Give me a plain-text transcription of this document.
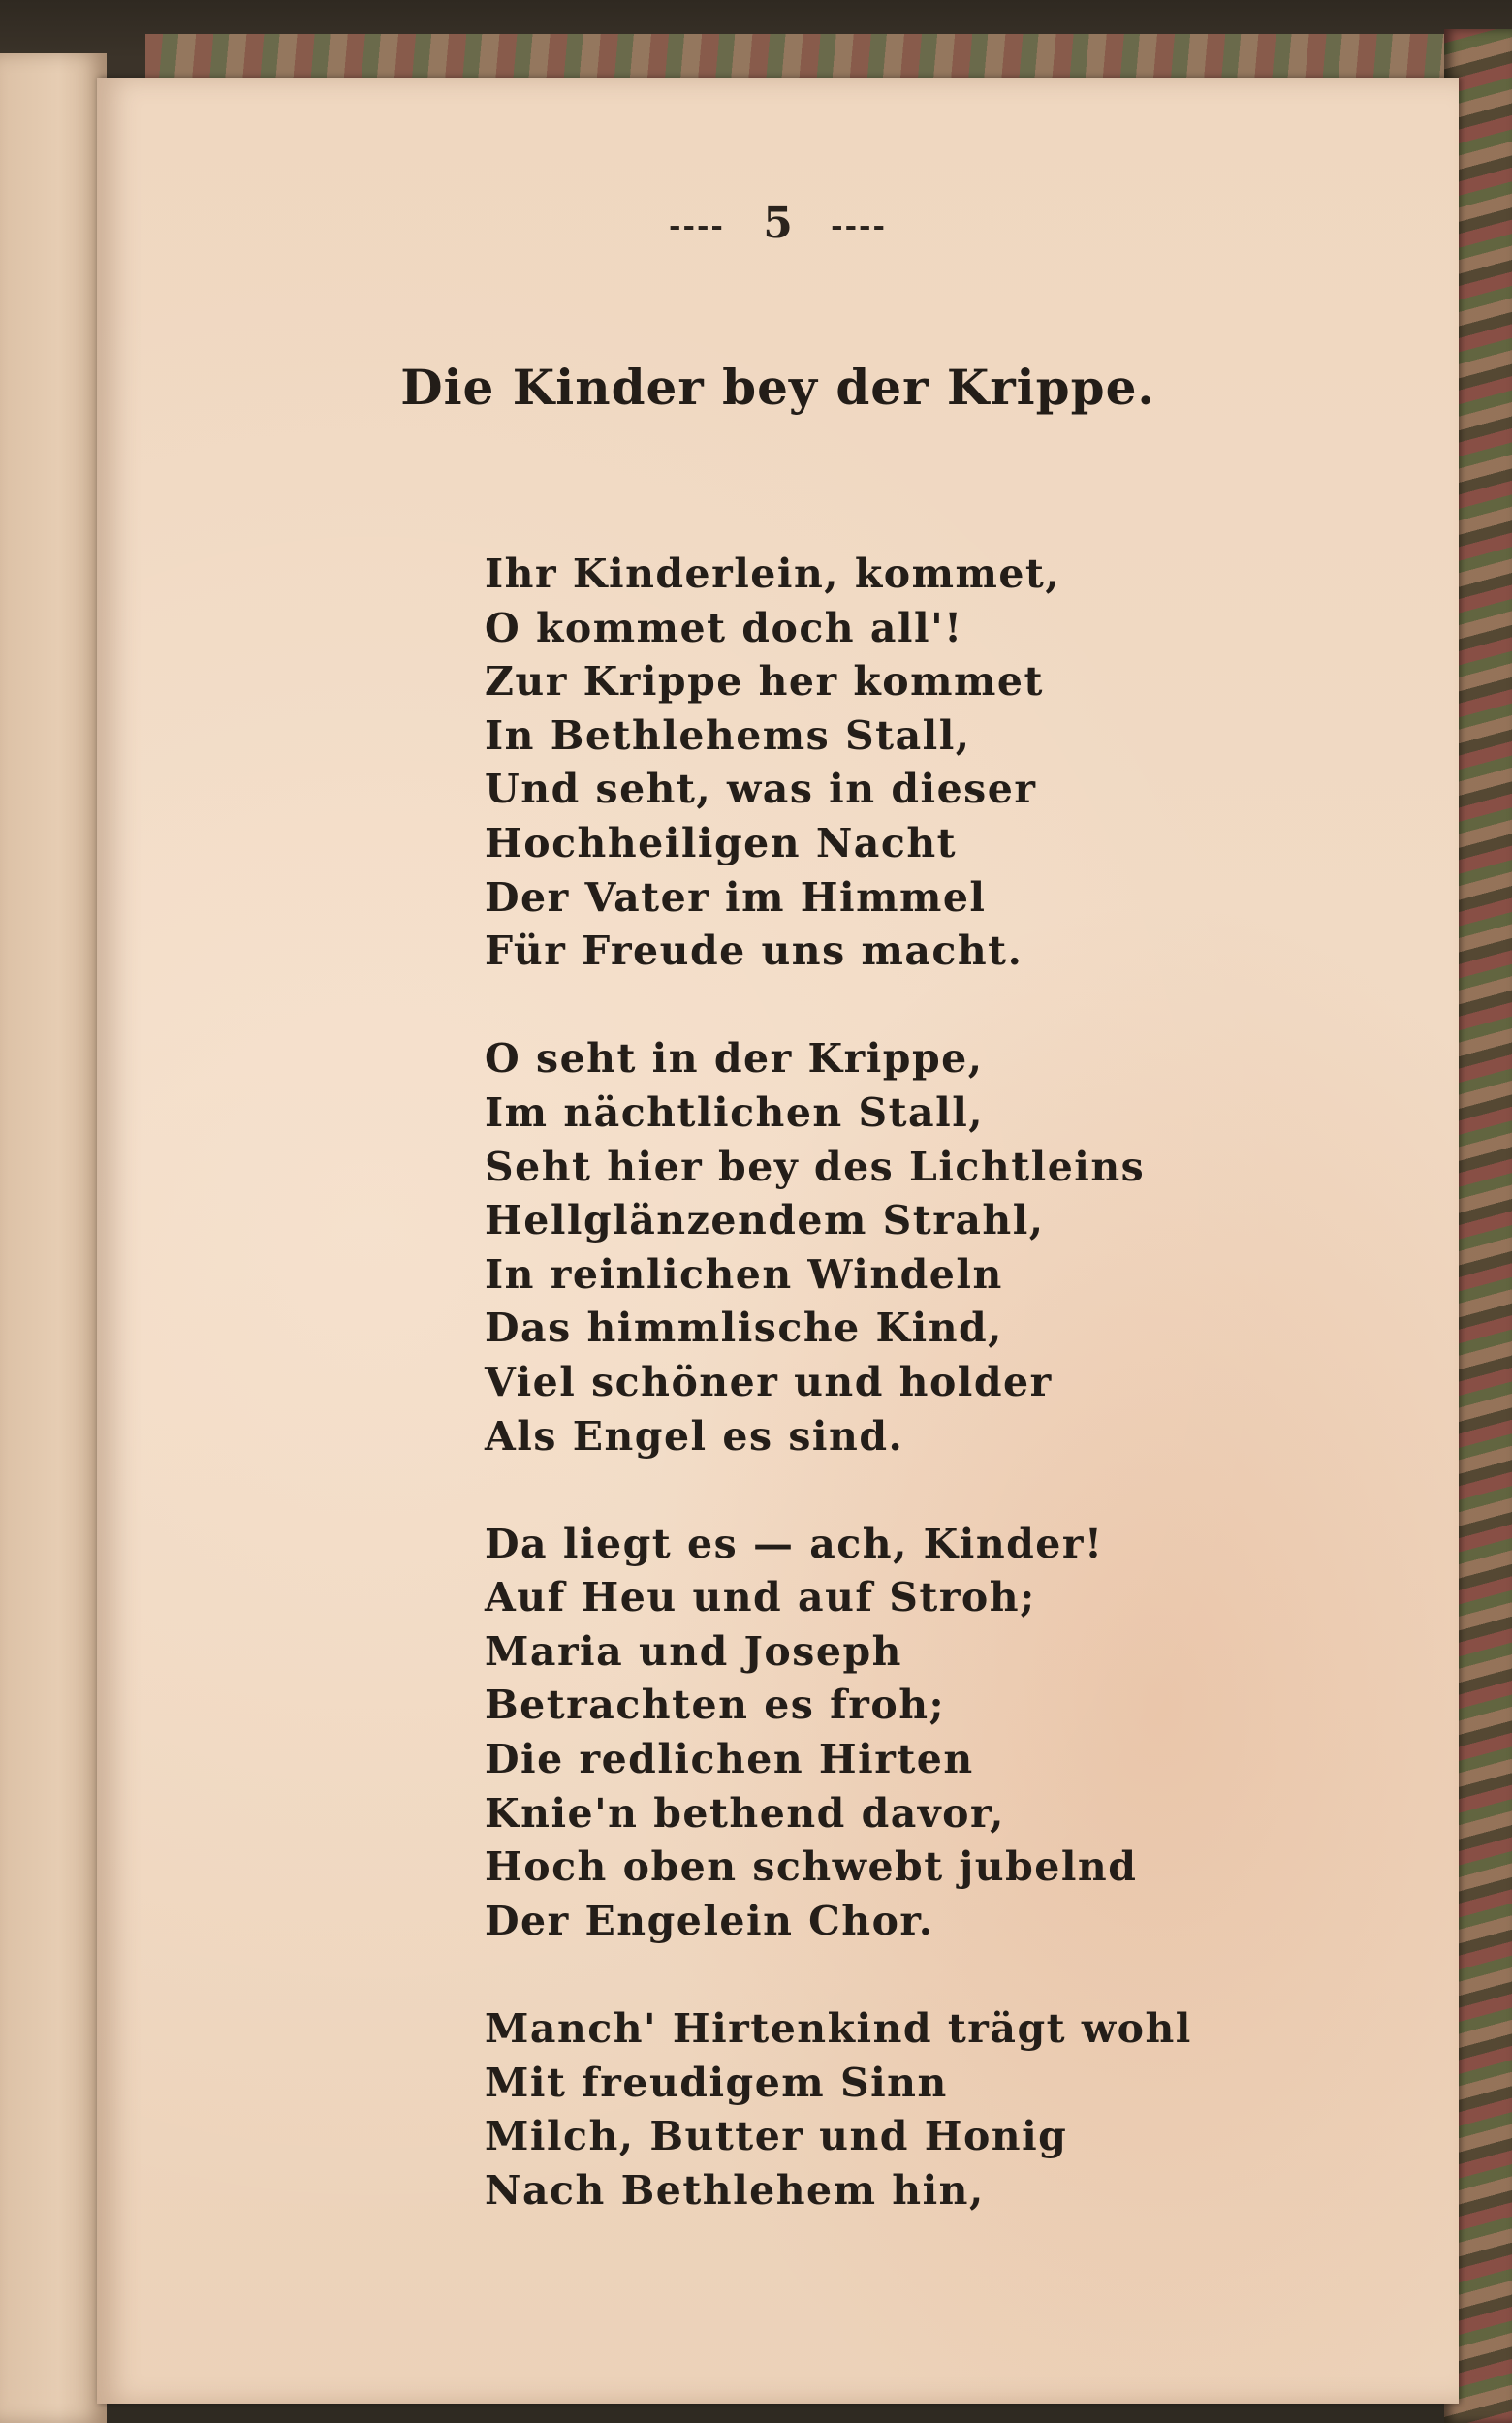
---- 5 ----
Die Kinder bey der Krippe.
Ihr Kinderlein, kommet,
O kommet doch all'!
Zur Krippe her kommet
In Bethlehems Stall,
Und seht, was in dieser
Hochheiligen Nacht
Der Vater im Himmel
Für Freude uns macht.
O seht in der Krippe,
Im nächtlichen Stall,
Seht hier bey des Lichtleins
Hellglänzendem Strahl,
In reinlichen Windeln
Das himmlische Kind,
Viel schöner und holder
Als Engel es sind.
Da liegt es — ach, Kinder!
Auf Heu und auf Stroh;
Maria und Joseph
Betrachten es froh;
Die redlichen Hirten
Knie'n bethend davor,
Hoch oben schwebt jubelnd
Der Engelein Chor.
Manch' Hirtenkind trägt wohl
Mit freudigem Sinn
Milch, Butter und Honig
Nach Bethlehem hin,
